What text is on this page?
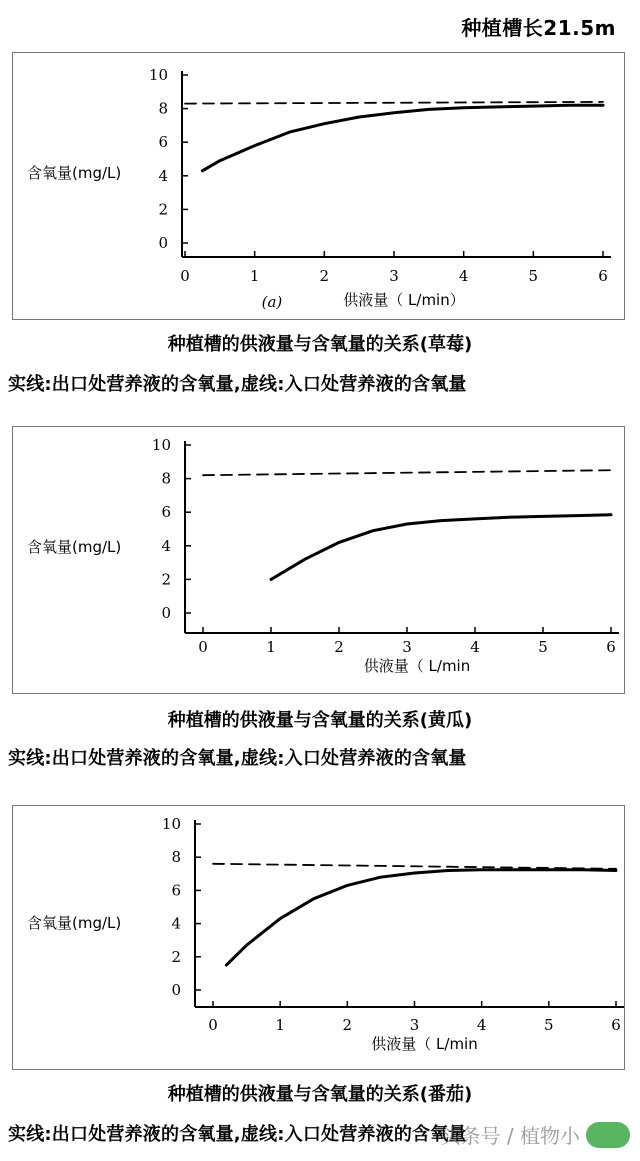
种植槽长21.5m
0
2
4
6
8
10
0	1	2	3	4	5	6
含氧量(mg/L)
供液量（ L/min）
(a)
种植槽的供液量与含氧量的关系(草莓)
实线:出口处营养液的含氧量,虚线:入口处营养液的含氧量
0
2
4
6
8
10
0	1	2	3	4	5	6
含氧量(mg/L)
供液量（ L/min
种植槽的供液量与含氧量的关系(黄瓜)
实线:出口处营养液的含氧量,虚线:入口处营养液的含氧量
0
2
4
6
8
10
0	1	2	3	4	5	6
含氧量(mg/L)
供液量（ L/min
种植槽的供液量与含氧量的关系(番茄)
实线:出口处营养液的含氧量,虚线:入口处营养液的含氧量
头条号 / 植物小
